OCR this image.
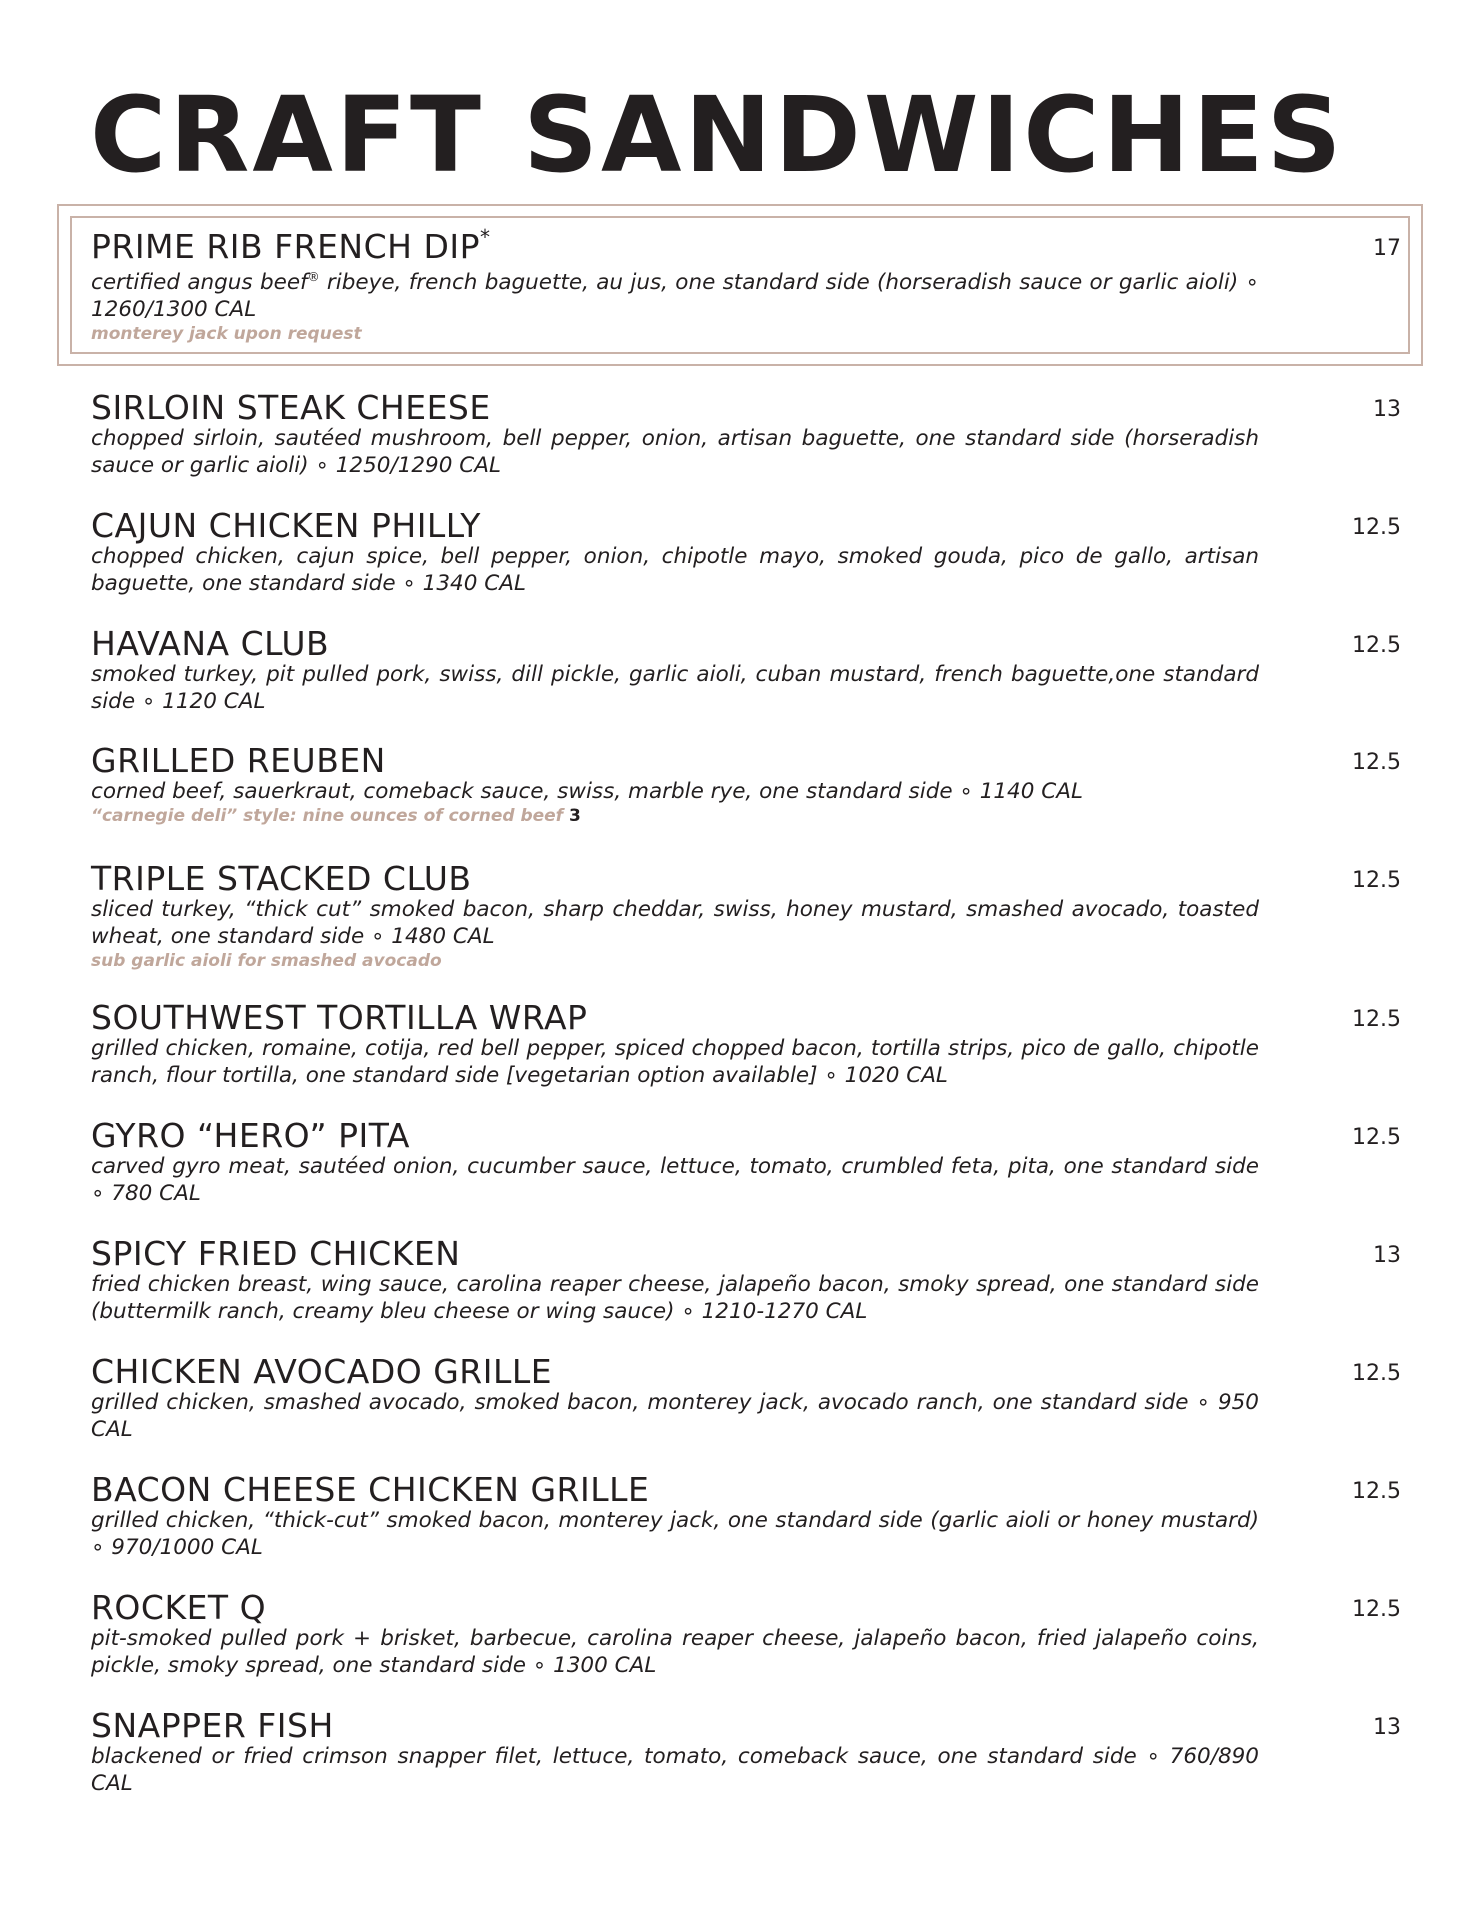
CRAFT SANDWICHES
PRIME RIB FRENCH DIP*
certified angus beef® ribeye, french baguette, au jus, one standard side (horseradish sauce or garlic aioli) ∘ 1260/1300 CAL
monterey jack upon request
17
SIRLOIN STEAK CHEESE
chopped sirloin, sautéed mushroom, bell pepper, onion, artisan baguette, one standard side (horseradish sauce or garlic aioli) ∘ 1250/1290 CAL
13
CAJUN CHICKEN PHILLY
chopped chicken, cajun spice, bell pepper, onion, chipotle mayo, smoked gouda, pico de gallo, artisan baguette, one standard side ∘ 1340 CAL
12.5
HAVANA CLUB
smoked turkey, pit pulled pork, swiss, dill pickle, garlic aioli, cuban mustard, french baguette,one standard side ∘ 1120 CAL
12.5
GRILLED REUBEN
corned beef, sauerkraut, comeback sauce, swiss, marble rye, one standard side ∘ 1140 CAL
“carnegie deli” style: nine ounces of corned beef 3
12.5
TRIPLE STACKED CLUB
sliced turkey, “thick cut” smoked bacon, sharp cheddar, swiss, honey mustard, smashed avocado, toasted wheat, one standard side ∘ 1480 CAL
sub garlic aioli for smashed avocado
12.5
SOUTHWEST TORTILLA WRAP
grilled chicken, romaine, cotija, red bell pepper, spiced chopped bacon, tortilla strips, pico de gallo, chipotle ranch, flour tortilla, one standard side [vegetarian option available] ∘ 1020 CAL
12.5
GYRO “HERO” PITA
carved gyro meat, sautéed onion, cucumber sauce, lettuce, tomato, crumbled feta, pita, one standard side ∘ 780 CAL
12.5
SPICY FRIED CHICKEN
fried chicken breast, wing sauce, carolina reaper cheese, jalapeño bacon, smoky spread, one standard side (buttermilk ranch, creamy bleu cheese or wing sauce) ∘ 1210-1270 CAL
13
CHICKEN AVOCADO GRILLE
grilled chicken, smashed avocado, smoked bacon, monterey jack, avocado ranch, one standard side ∘ 950 CAL
12.5
BACON CHEESE CHICKEN GRILLE
grilled chicken, “thick-cut” smoked bacon, monterey jack, one standard side (garlic aioli or honey mustard) ∘ 970/1000 CAL
12.5
ROCKET Q
pit-smoked pulled pork + brisket, barbecue, carolina reaper cheese, jalapeño bacon, fried jalapeño coins, pickle, smoky spread, one standard side ∘ 1300 CAL
12.5
SNAPPER FISH
blackened or fried crimson snapper filet, lettuce, tomato, comeback sauce, one standard side ∘ 760/890 CAL
13
